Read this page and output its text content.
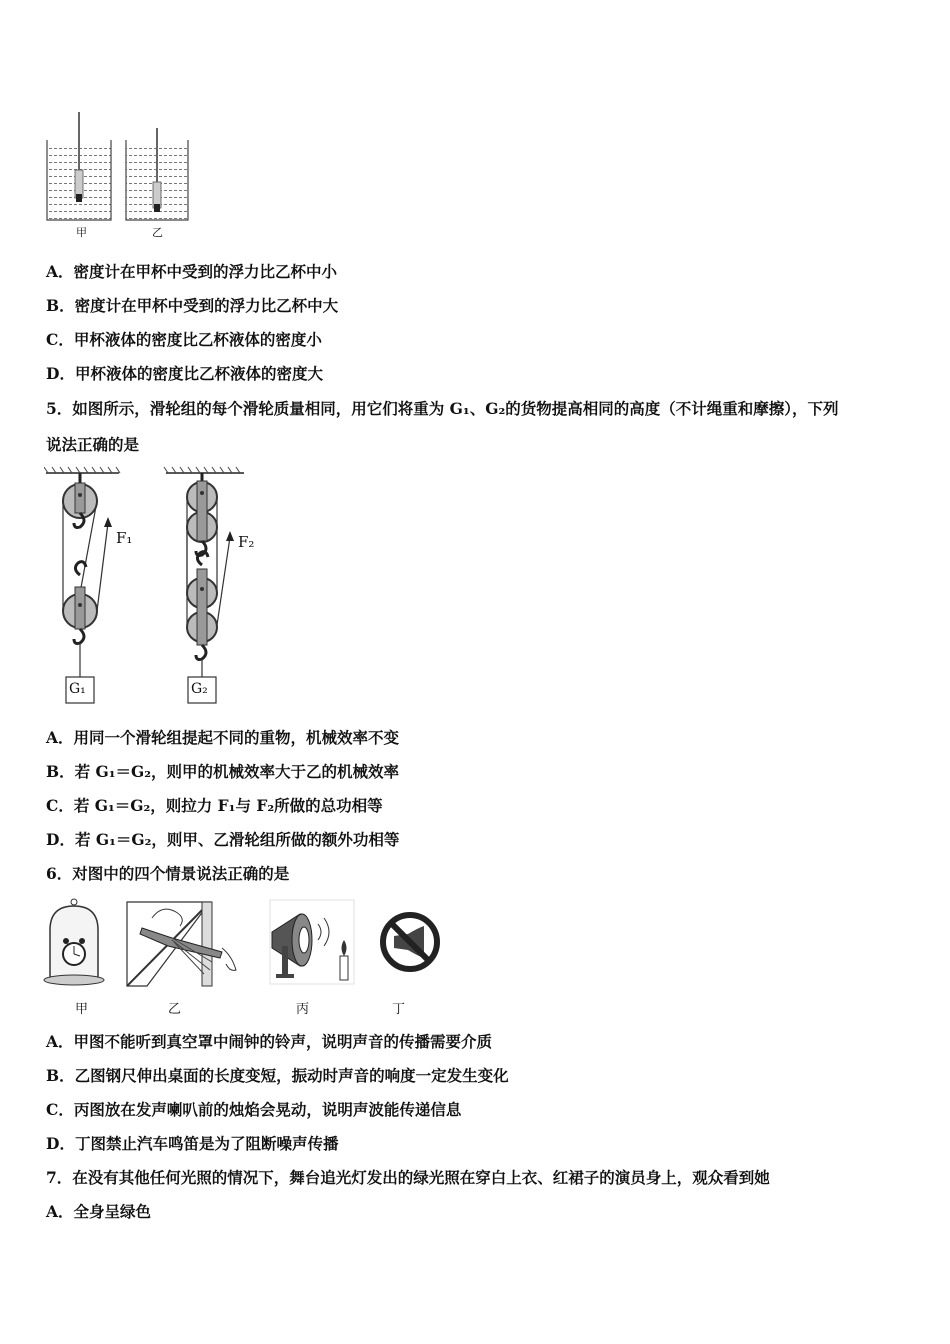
甲	乙
A．密度计在甲杯中受到的浮力比乙杯中小
B．密度计在甲杯中受到的浮力比乙杯中大
C．甲杯液体的密度比乙杯液体的密度小
D．甲杯液体的密度比乙杯液体的密度大
5．如图所示，滑轮组的每个滑轮质量相同，用它们将重为 G₁、G₂的货物提高相同的高度（不计绳重和摩擦），下列
说法正确的是
F₁	F₂
G₁	G₂
A．用同一个滑轮组提起不同的重物，机械效率不变
B．若 G₁＝G₂，则甲的机械效率大于乙的机械效率
C．若 G₁＝G₂，则拉力 F₁与 F₂所做的总功相等
D．若 G₁＝G₂，则甲、乙滑轮组所做的额外功相等
6．对图中的四个情景说法正确的是
甲	乙	丙	丁
A．甲图不能听到真空罩中闹钟的铃声，说明声音的传播需要介质
B．乙图钢尺伸出桌面的长度变短，振动时声音的响度一定发生变化
C．丙图放在发声喇叭前的烛焰会晃动，说明声波能传递信息
D．丁图禁止汽车鸣笛是为了阻断噪声传播
7．在没有其他任何光照的情况下，舞台追光灯发出的绿光照在穿白上衣、红裙子的演员身上，观众看到她
A．全身呈绿色
